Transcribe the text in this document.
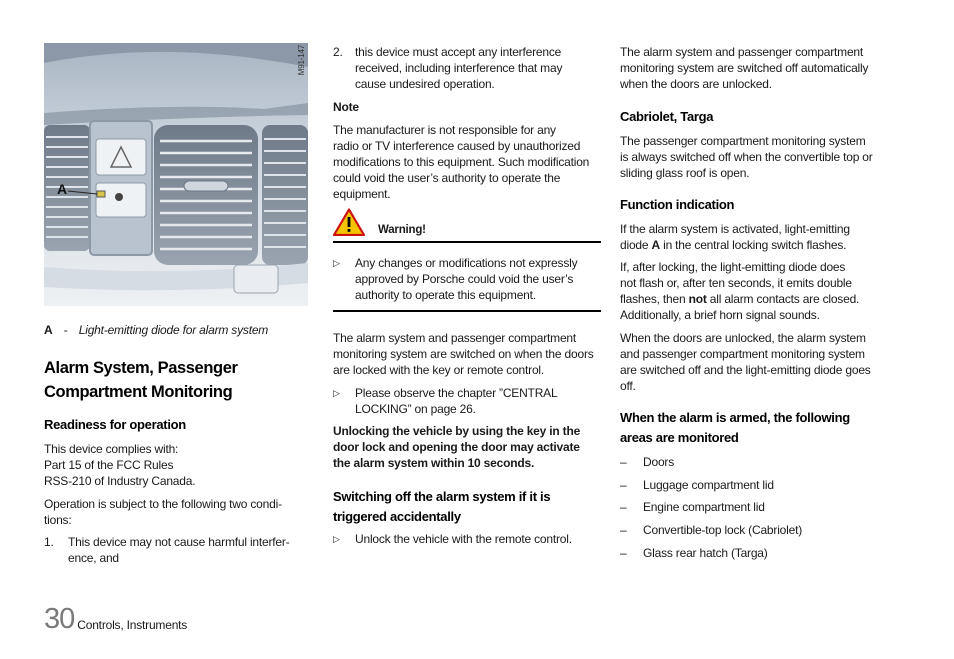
M91-147
A
A - Light-emitting diode for alarm system
Alarm System, Passenger
Compartment Monitoring
Readiness for operation
This device complies with:
Part 15 of the FCC Rules
RSS-210 of Industry Canada.
Operation is subject to the following two condi-
tions:
1.	This device may not cause harmful interfer-
ence, and
2.	this device must accept any interference
received, including interference that may
cause undesired operation.
Note
The manufacturer is not responsible for any
radio or TV interference caused by unauthorized
modifications to this equipment. Such modification
could void the user’s authority to operate the
equipment.
Warning!
▷	Any changes or modifications not expressly
approved by Porsche could void the user’s
authority to operate this equipment.
The alarm system and passenger compartment
monitoring system are switched on when the doors
are locked with the key or remote control.
▷	Please observe the chapter ”CENTRAL
LOCKING” on page 26.
Unlocking the vehicle by using the key in the
door lock and opening the door may activate
the alarm system within 10 seconds.
Switching off the alarm system if it is
triggered accidentally
▷	Unlock the vehicle with the remote control.
The alarm system and passenger compartment
monitoring system are switched off automatically
when the doors are unlocked.
Cabriolet, Targa
The passenger compartment monitoring system
is always switched off when the convertible top or
sliding glass roof is open.
Function indication
If the alarm system is activated, light-emitting
diode A in the central locking switch flashes.
If, after locking, the light-emitting diode does
not flash or, after ten seconds, it emits double
flashes, then not all alarm contacts are closed.
Additionally, a brief horn signal sounds.
When the doors are unlocked, the alarm system
and passenger compartment monitoring system
are switched off and the light-emitting diode goes
off.
When the alarm is armed, the following
areas are monitored
–	Doors
–	Luggage compartment lid
–	Engine compartment lid
–	Convertible-top lock (Cabriolet)
–	Glass rear hatch (Targa)
30 Controls, Instruments
